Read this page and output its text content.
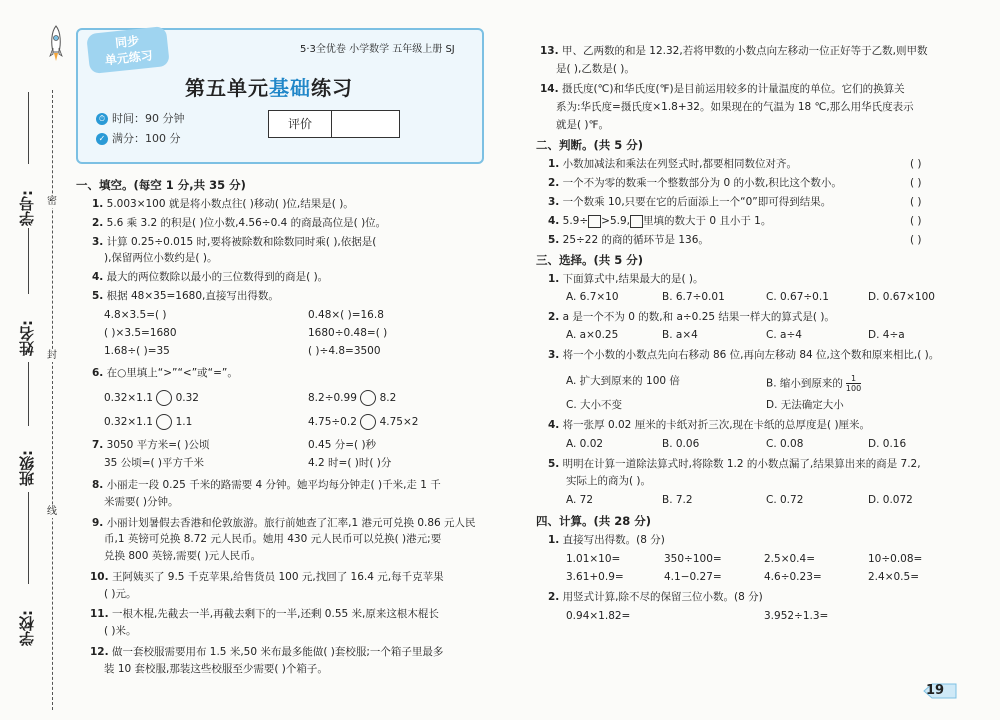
学号:
姓名:
班级:
学校:
密
封
线
同步
单元练习	5·3全优卷 小学数学 五年级上册 SJ
第五单元基础练习
⏱ 时间：90 分钟
✓ 满分：100 分
评价
一、填空。(每空 1 分,共 35 分)
1. 5.003×100 就是将小数点往( )移动( )位,结果是( )。
2. 5.6 乘 3.2 的积是( )位小数,4.56÷0.4 的商最高位是( )位。
3. 计算 0.25÷0.015 时,要将被除数和除数同时乘( ),依据是(
),保留两位小数约是( )。
4. 最大的两位数除以最小的三位数得到的商是( )。
5. 根据 48×35=1680,直接写出得数。
4.8×3.5=( )	0.48×( )=16.8
( )×3.5=1680	1680÷0.48=( )
1.68÷( )=35	( )÷4.8=3500
6. 在○里填上“>”“<”或“=”。
0.32×1.1 0.32	8.2÷0.99 8.2
0.32×1.1 1.1	4.75÷0.2 4.75×2
7. 3050 平方米=( )公顷	0.45 分=( )秒
35 公顷=( )平方千米	4.2 时=( )时( )分
8. 小丽走一段 0.25 千米的路需要 4 分钟。她平均每分钟走( )千米,走 1 千
米需要( )分钟。
9. 小丽计划暑假去香港和伦敦旅游。旅行前她查了汇率,1 港元可兑换 0.86 元人民
币,1 英镑可兑换 8.72 元人民币。她用 430 元人民币可以兑换( )港元;要
兑换 800 英镑,需要( )元人民币。
10. 王阿姨买了 9.5 千克苹果,给售货员 100 元,找回了 16.4 元,每千克苹果
( )元。
11. 一根木棍,先截去一半,再截去剩下的一半,还剩 0.55 米,原来这根木棍长
( )米。
12. 做一套校服需要用布 1.5 米,50 米布最多能做( )套校服;一个箱子里最多
装 10 套校服,那装这些校服至少需要( )个箱子。
13. 甲、乙两数的和是 12.32,若将甲数的小数点向左移动一位正好等于乙数,则甲数
是( ),乙数是( )。
14. 摄氏度(℃)和华氏度(℉)是目前运用较多的计量温度的单位。它们的换算关
系为:华氏度=摄氏度×1.8+32。如果现在的气温为 18 ℃,那么用华氏度表示
就是( )℉。
二、判断。(共 5 分)
1. 小数加减法和乘法在列竖式时,都要相同数位对齐。	( )
2. 一个不为零的数乘一个整数部分为 0 的小数,积比这个数小。	( )
3. 一个数乘 10,只要在它的后面添上一个“0”即可得到结果。	( )
4. 5.9÷ >5.9, 里填的数大于 0 且小于 1。	( )
5. 25÷22 的商的循环节是 136。	( )
三、选择。(共 5 分)
1. 下面算式中,结果最大的是( )。
A. 6.7×10	B. 6.7÷0.01	C. 0.67÷0.1	D. 0.67×100
2. a 是一个不为 0 的数,和 a÷0.25 结果一样大的算式是( )。
A. a×0.25	B. a×4	C. a÷4	D. 4÷a
3. 将一个小数的小数点先向右移动 86 位,再向左移动 84 位,这个数和原来相比,( )。
A. 扩大到原来的 100 倍	B. 缩小到原来的 $\frac{1}{100}$
C. 大小不变	D. 无法确定大小
4. 将一张厚 0.02 厘米的卡纸对折三次,现在卡纸的总厚度是( )厘米。
A. 0.02	B. 0.06	C. 0.08	D. 0.16
5. 明明在计算一道除法算式时,将除数 1.2 的小数点漏了,结果算出来的商是 7.2,
实际上的商为( )。
A. 72	B. 7.2	C. 0.72	D. 0.072
四、计算。(共 28 分)
1. 直接写出得数。(8 分)
1.01×10=	350÷100=	2.5×0.4=	10÷0.08=
3.61+0.9=	4.1−0.27=	4.6÷0.23=	2.4×0.5=
2. 用竖式计算,除不尽的保留三位小数。(8 分)
0.94×1.82=	3.952÷1.3=
19
